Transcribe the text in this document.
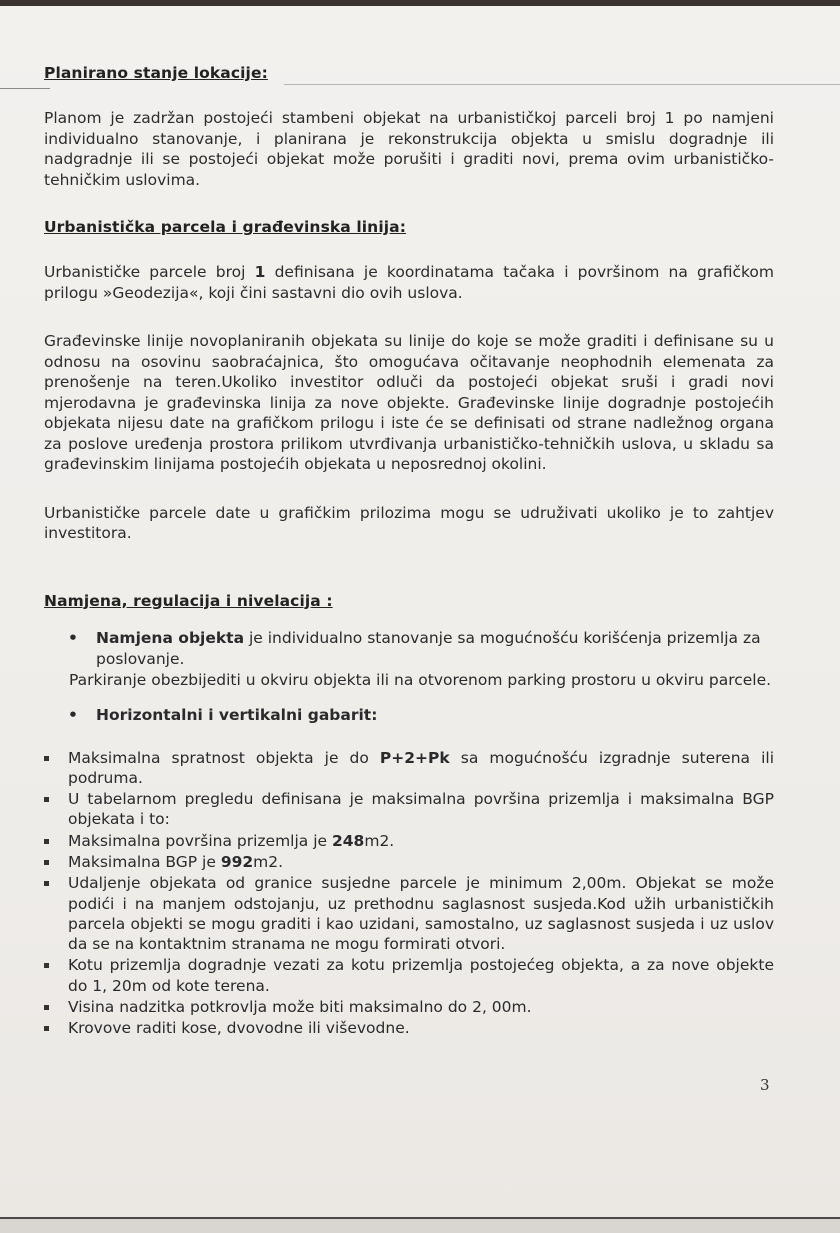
Planirano stanje lokacije:

Planom je zadržan postojeći stambeni objekat na urbanističkoj parceli broj 1 po namjeni individualno stanovanje, i planirana je rekonstrukcija objekta u smislu dogradnje ili nadgradnje ili se postojeći objekat može porušiti i graditi novi, prema ovim urbanističko-tehničkim uslovima.

Urbanistička parcela i građevinska linija:

Urbanističke parcele broj 1 definisana je koordinatama tačaka i površinom na grafičkom prilogu »Geodezija«, koji čini sastavni dio ovih uslova.

Građevinske linije novoplaniranih objekata su linije do koje se može graditi i definisane su u odnosu na osovinu saobraćajnica, što omogućava očitavanje neophodnih elemenata za prenošenje na teren.Ukoliko investitor odluči da postojeći objekat sruši i gradi novi mjerodavna je građevinska linija za nove objekte. Građevinske linije dogradnje postojećih objekata nijesu date na grafičkom prilogu i iste će se definisati od strane nadležnog organa za poslove uređenja prostora prilikom utvrđivanja urbanističko-tehničkih uslova, u skladu sa građevinskim linijama postojećih objekata u neposrednoj okolini.

Urbanističke parcele date u grafičkim prilozima mogu se udruživati ukoliko je to zahtjev investitora.

Namjena, regulacija i nivelacija :
• Namjena objekta je individualno stanovanje sa mogućnošću korišćenja prizemlja za poslovanje.
Parkiranje obezbijediti u okviru objekta ili na otvorenom parking prostoru u okviru parcele.
• Horizontalni i vertikalni gabarit:
Maksimalna spratnost objekta je do P+2+Pk sa mogućnošću izgradnje suterena ili podruma.
U tabelarnom pregledu definisana je maksimalna površina prizemlja i maksimalna BGP objekata i to:
Maksimalna površina prizemlja je 248m2.
Maksimalna BGP je 992m2.
Udaljenje objekata od granice susjedne parcele je minimum 2,00m. Objekat se može podići i na manjem odstojanju, uz prethodnu saglasnost susjeda.Kod užih urbanističkih parcela objekti se mogu graditi i kao uzidani, samostalno, uz saglasnost susjeda i uz uslov da se na kontaktnim stranama ne mogu formirati otvori.
Kotu prizemlja dogradnje vezati za kotu prizemlja postojećeg objekta, a za nove objekte do 1, 20m od kote terena.
Visina nadzitka potkrovlja može biti maksimalno do 2, 00m.
Krovove raditi kose, dvovodne ili viševodne.
3
